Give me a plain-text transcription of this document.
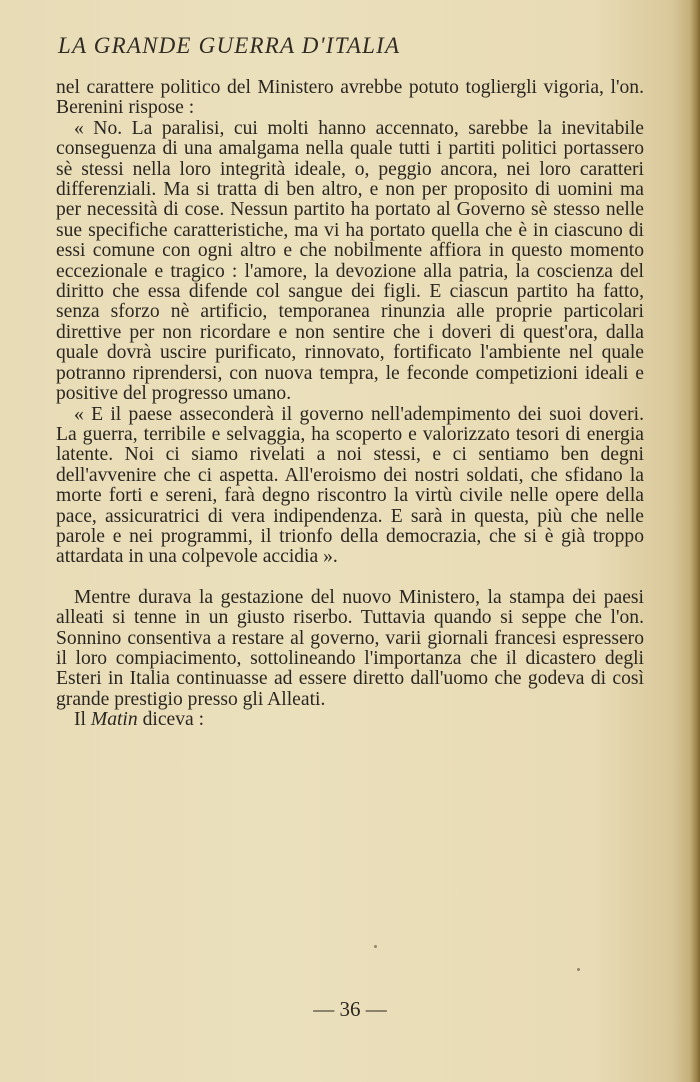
LA GRANDE GUERRA D'ITALIA

nel carattere politico del Ministero avrebbe potuto togliergli vigoria, l'on. Berenini rispose :

« No. La paralisi, cui molti hanno accennato, sarebbe la inevitabile conseguenza di una amalgama nella quale tutti i partiti politici portassero sè stessi nella loro integrità ideale, o, peggio ancora, nei loro caratteri differenziali. Ma si tratta di ben altro, e non per proposito di uomini ma per necessità di cose. Nessun partito ha portato al Governo sè stesso nelle sue specifiche caratteristiche, ma vi ha portato quella che è in ciascuno di essi comune con ogni altro e che nobilmente affiora in questo momento eccezionale e tragico : l'amore, la devozione alla patria, la coscienza del diritto che essa difende col sangue dei figli. E ciascun partito ha fatto, senza sforzo nè artificio, temporanea rinunzia alle proprie particolari direttive per non ricordare e non sentire che i doveri di quest'ora, dalla quale dovrà uscire purificato, rinnovato, fortificato l'ambiente nel quale potranno riprendersi, con nuova tempra, le feconde competizioni ideali e positive del progresso umano.

« E il paese asseconderà il governo nell'adempimento dei suoi doveri. La guerra, terribile e selvaggia, ha scoperto e valorizzato tesori di energia latente. Noi ci siamo rivelati a noi stessi, e ci sentiamo ben degni dell'avvenire che ci aspetta. All'eroismo dei nostri soldati, che sfidano la morte forti e sereni, farà degno riscontro la virtù civile nelle opere della pace, assicuratrici di vera indipendenza. E sarà in questa, più che nelle parole e nei programmi, il trionfo della democrazia, che si è già troppo attardata in una colpevole accidia ».

Mentre durava la gestazione del nuovo Ministero, la stampa dei paesi alleati si tenne in un giusto riserbo. Tuttavia quando si seppe che l'on. Sonnino consentiva a restare al governo, varii giornali francesi espressero il loro compiacimento, sottolineando l'importanza che il dicastero degli Esteri in Italia continuasse ad essere diretto dall'uomo che godeva di così grande prestigio presso gli Alleati.

Il Matin diceva :

— 36 —
